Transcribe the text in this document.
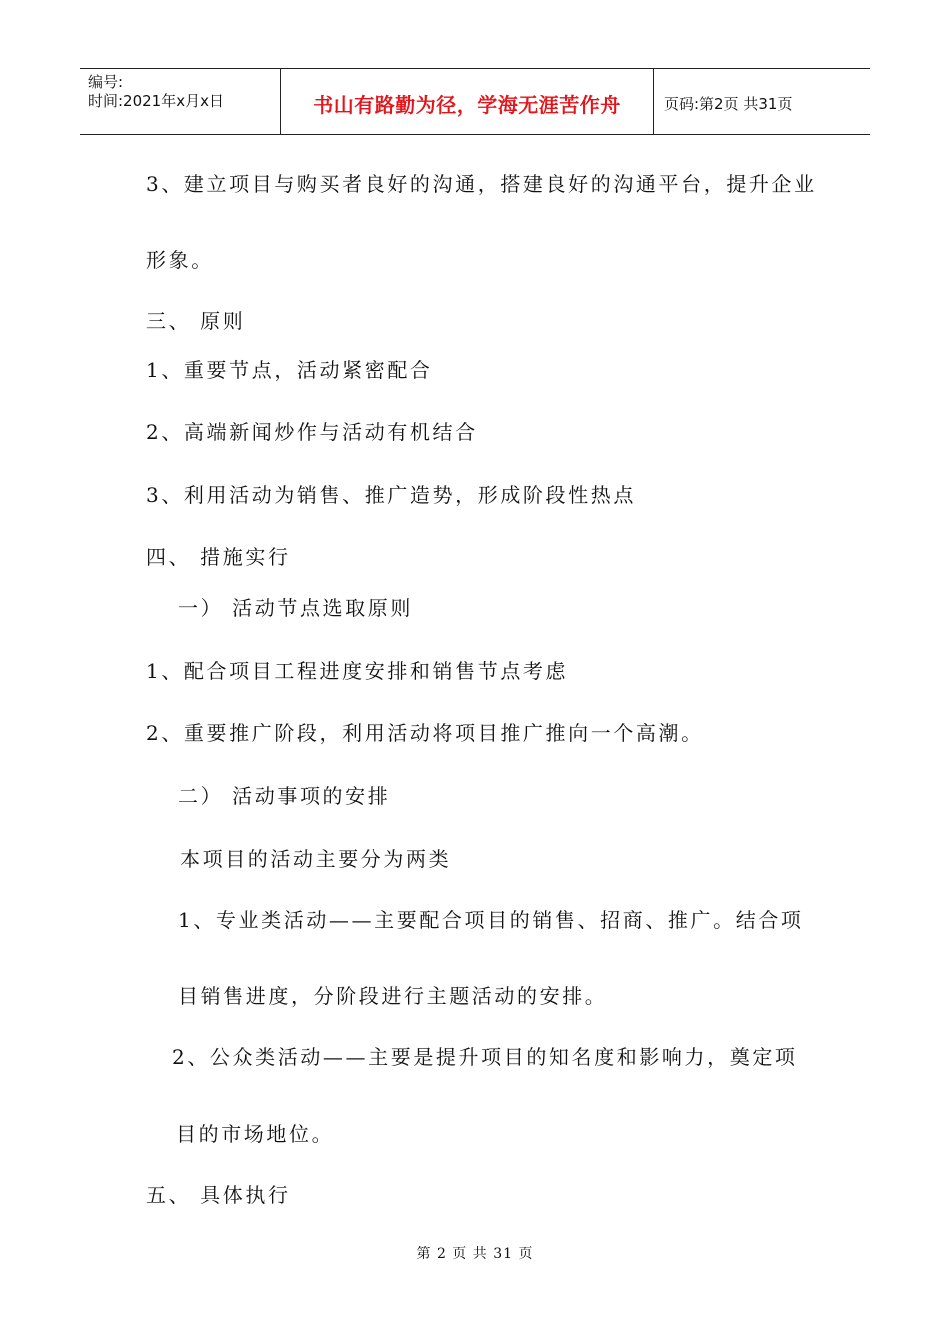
编号:
时间:2021年x月x日	书山有路勤为径，学海无涯苦作舟	页码:第2页 共31页
3、建立项目与购买者良好的沟通，搭建良好的沟通平台，提升企业
形象。
三、 原则
1、重要节点，活动紧密配合
2、高端新闻炒作与活动有机结合
3、利用活动为销售、推广造势，形成阶段性热点
四、 措施实行
一） 活动节点选取原则
1、配合项目工程进度安排和销售节点考虑
2、重要推广阶段，利用活动将项目推广推向一个高潮。
二） 活动事项的安排
本项目的活动主要分为两类
1、专业类活动——主要配合项目的销售、招商、推广。结合项
目销售进度，分阶段进行主题活动的安排。
2、公众类活动——主要是提升项目的知名度和影响力，奠定项
目的市场地位。
五、 具体执行
第 2 页 共 31 页
